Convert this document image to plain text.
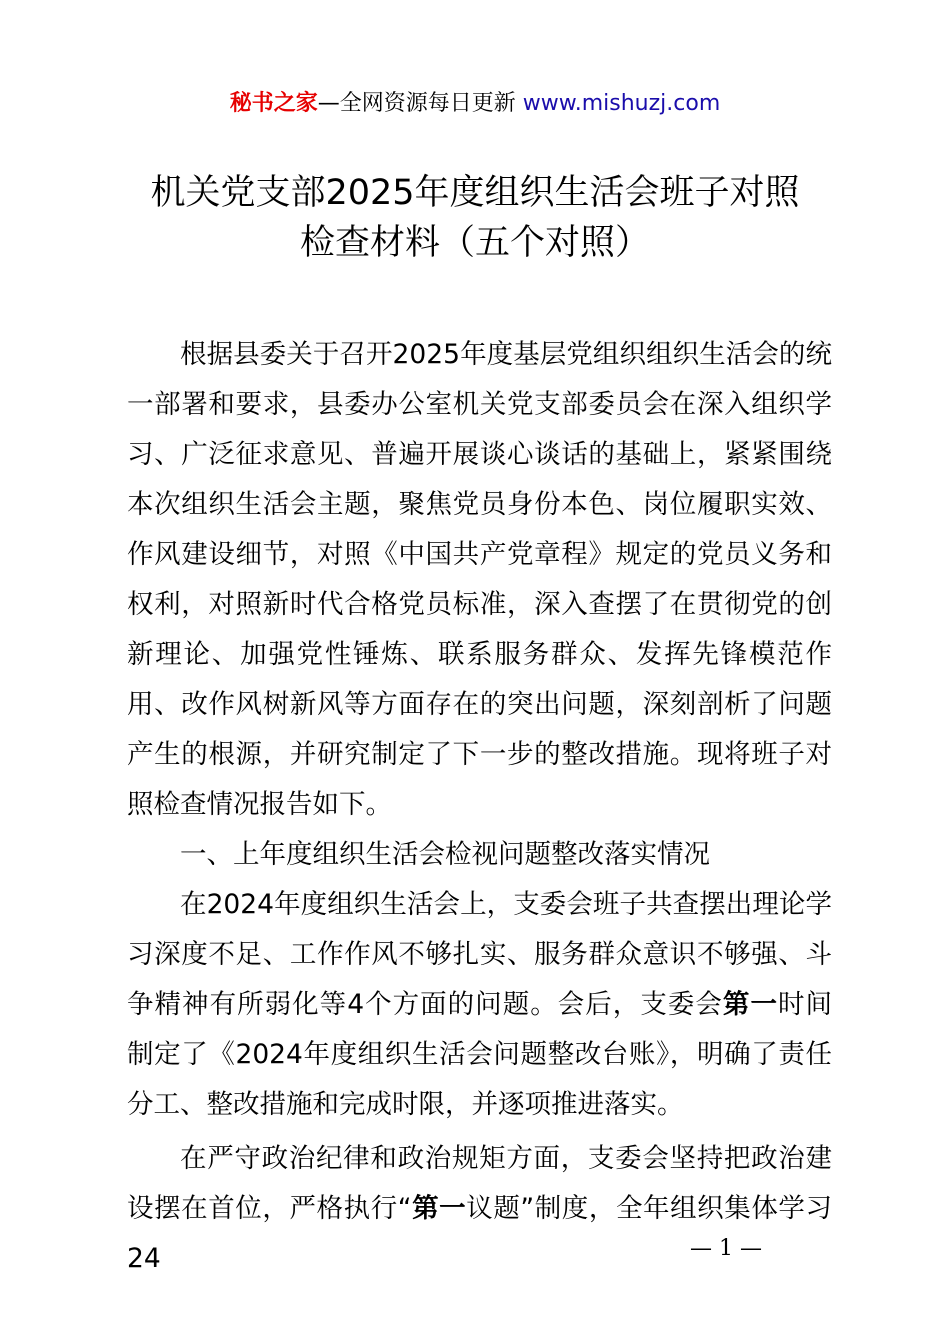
秘书之家—全网资源每日更新 www.mishuzj.com
机关党支部2025年度组织生活会班子对照
检查材料（五个对照）

根据县委关于召开2025年度基层党组织组织生活会的统一部署和要求，县委办公室机关党支部委员会在深入组织学习、广泛征求意见、普遍开展谈心谈话的基础上，紧紧围绕本次组织生活会主题，聚焦党员身份本色、岗位履职实效、作风建设细节，对照《中国共产党章程》规定的党员义务和权利，对照新时代合格党员标准，深入查摆了在贯彻党的创新理论、加强党性锤炼、联系服务群众、发挥先锋模范作用、改作风树新风等方面存在的突出问题，深刻剖析了问题产生的根源，并研究制定了下一步的整改措施。现将班子对照检查情况报告如下。

一、上年度组织生活会检视问题整改落实情况

在2024年度组织生活会上，支委会班子共查摆出理论学习深度不足、工作作风不够扎实、服务群众意识不够强、斗争精神有所弱化等4个方面的问题。会后，支委会第一时间制定了《2024年度组织生活会问题整改台账》，明确了责任分工、整改措施和完成时限，并逐项推进落实。

在严守政治纪律和政治规矩方面，支委会坚持把政治建设摆在首位，严格执行“第一议题”制度，全年组织集体学习24	— 1 —
